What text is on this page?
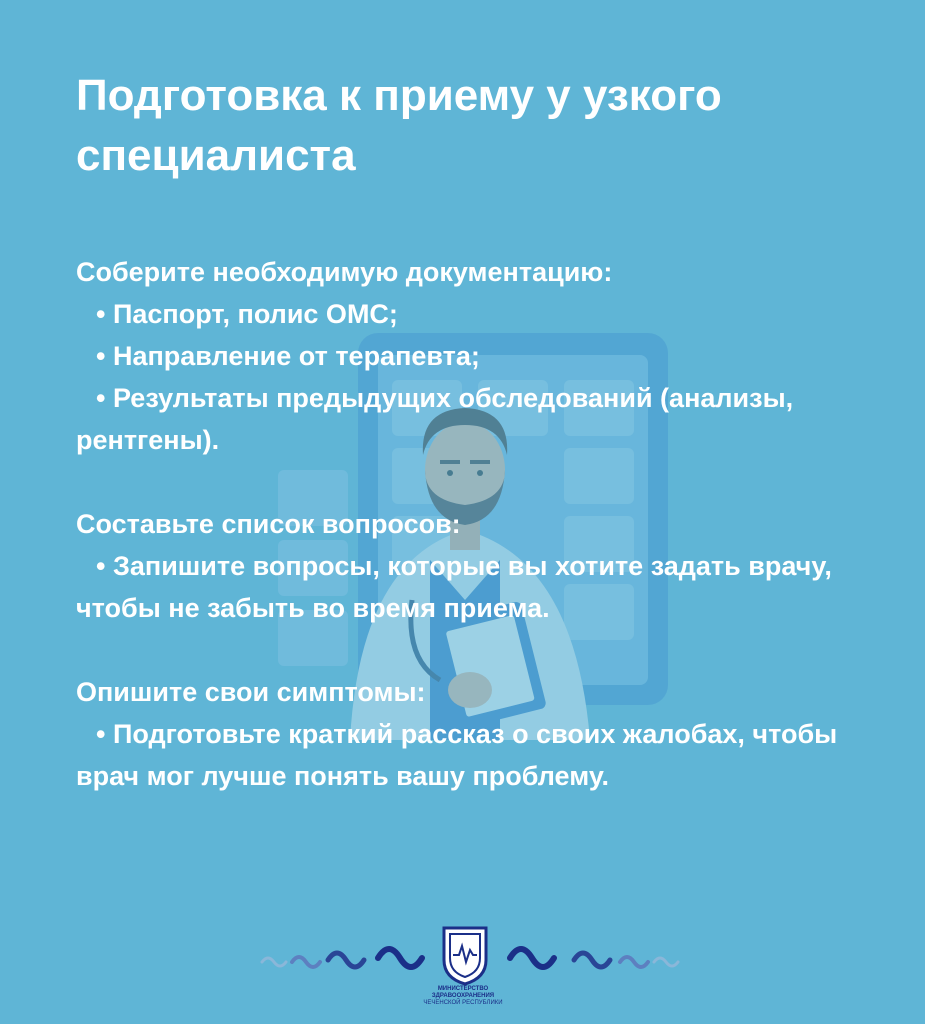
Подготовка к приему у узкого специалиста
Соберите необходимую документацию:
• Паспорт, полис ОМС;
• Направление от терапевта;
• Результаты предыдущих обследований (анализы, рентгены).
Составьте список вопросов:
• Запишите вопросы, которые вы хотите задать врачу, чтобы не забыть во время приема.
Опишите свои симптомы:
• Подготовьте краткий рассказ о своих жалобах, чтобы врач мог лучше понять вашу проблему.
МИНИСТЕРСТВО
ЗДРАВООХРАНЕНИЯ
ЧЕЧЕНСКОЙ РЕСПУБЛИКИ
